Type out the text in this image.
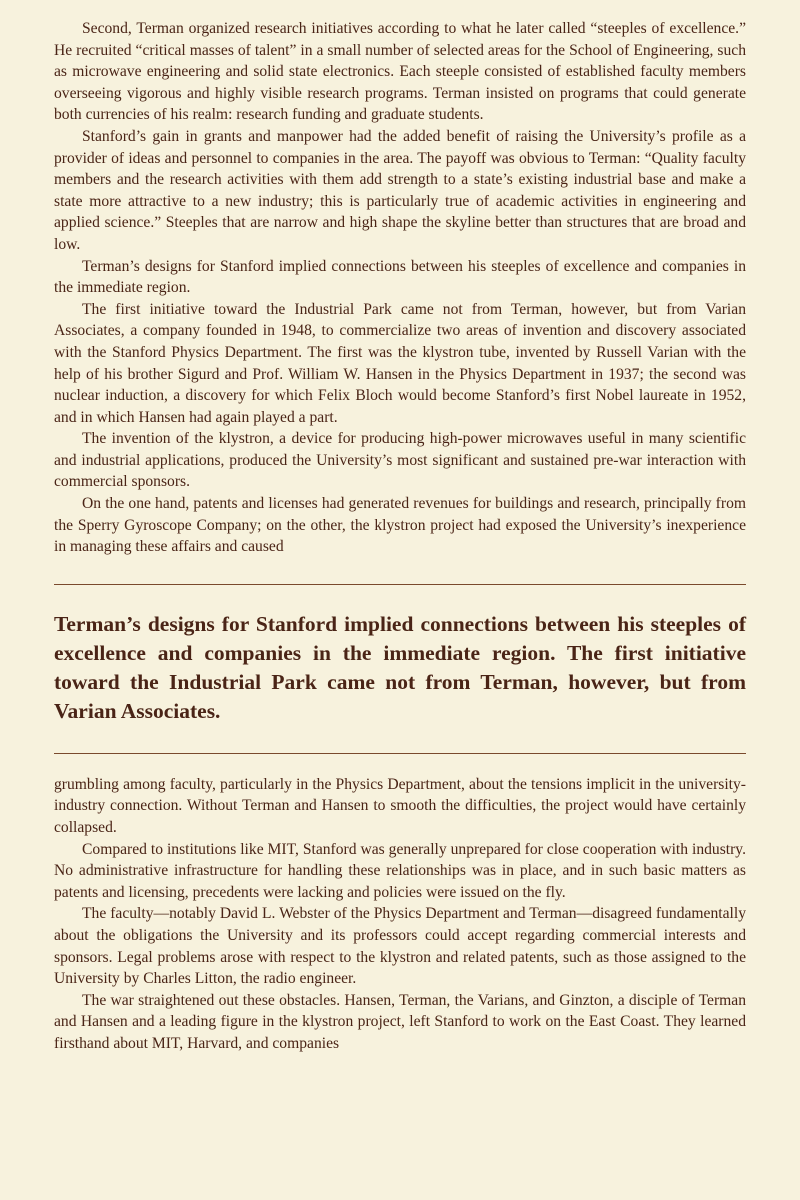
Second, Terman organized research initiatives according to what he later called “steeples of excellence.” He recruited “critical masses of talent” in a small number of selected areas for the School of Engineering, such as microwave engineering and solid state electronics. Each steeple consisted of established faculty members overseeing vigorous and highly visible research programs. Terman insisted on programs that could generate both currencies of his realm: research funding and graduate students.

Stanford’s gain in grants and manpower had the added benefit of raising the University’s profile as a provider of ideas and personnel to companies in the area. The payoff was obvious to Terman: “Quality faculty members and the research activities with them add strength to a state’s existing industrial base and make a state more attractive to a new industry; this is particularly true of academic activities in engineering and applied science.” Steeples that are narrow and high shape the skyline better than structures that are broad and low.

Terman’s designs for Stanford implied connections between his steeples of excellence and companies in the immediate region.

The first initiative toward the Industrial Park came not from Terman, however, but from Varian Associates, a company founded in 1948, to commercialize two areas of invention and discovery associated with the Stanford Physics Department. The first was the klystron tube, invented by Russell Varian with the help of his brother Sigurd and Prof. William W. Hansen in the Physics Department in 1937; the second was nuclear induction, a discovery for which Felix Bloch would become Stanford’s first Nobel laureate in 1952, and in which Hansen had again played a part.

The invention of the klystron, a device for producing high-power microwaves useful in many scientific and industrial applications, produced the University’s most significant and sustained pre-war interaction with commercial sponsors.

On the one hand, patents and licenses had generated revenues for buildings and research, principally from the Sperry Gyroscope Company; on the other, the klystron project had exposed the University’s inexperience in managing these affairs and caused

Terman’s designs for Stanford implied connections between his steeples of excellence and companies in the immediate region. The first initiative toward the Industrial Park came not from Terman, however, but from Varian Associates.

grumbling among faculty, particularly in the Physics Department, about the tensions implicit in the university-industry connection. Without Terman and Hansen to smooth the difficulties, the project would have certainly collapsed.

Compared to institutions like MIT, Stanford was generally unprepared for close cooperation with industry. No administrative infrastructure for handling these relationships was in place, and in such basic matters as patents and licensing, precedents were lacking and policies were issued on the fly.

The faculty—notably David L. Webster of the Physics Department and Terman—disagreed fundamentally about the obligations the University and its professors could accept regarding commercial interests and sponsors. Legal problems arose with respect to the klystron and related patents, such as those assigned to the University by Charles Litton, the radio engineer.

The war straightened out these obstacles. Hansen, Terman, the Varians, and Ginzton, a disciple of Terman and Hansen and a leading figure in the klystron project, left Stanford to work on the East Coast. They learned firsthand about MIT, Harvard, and companies
